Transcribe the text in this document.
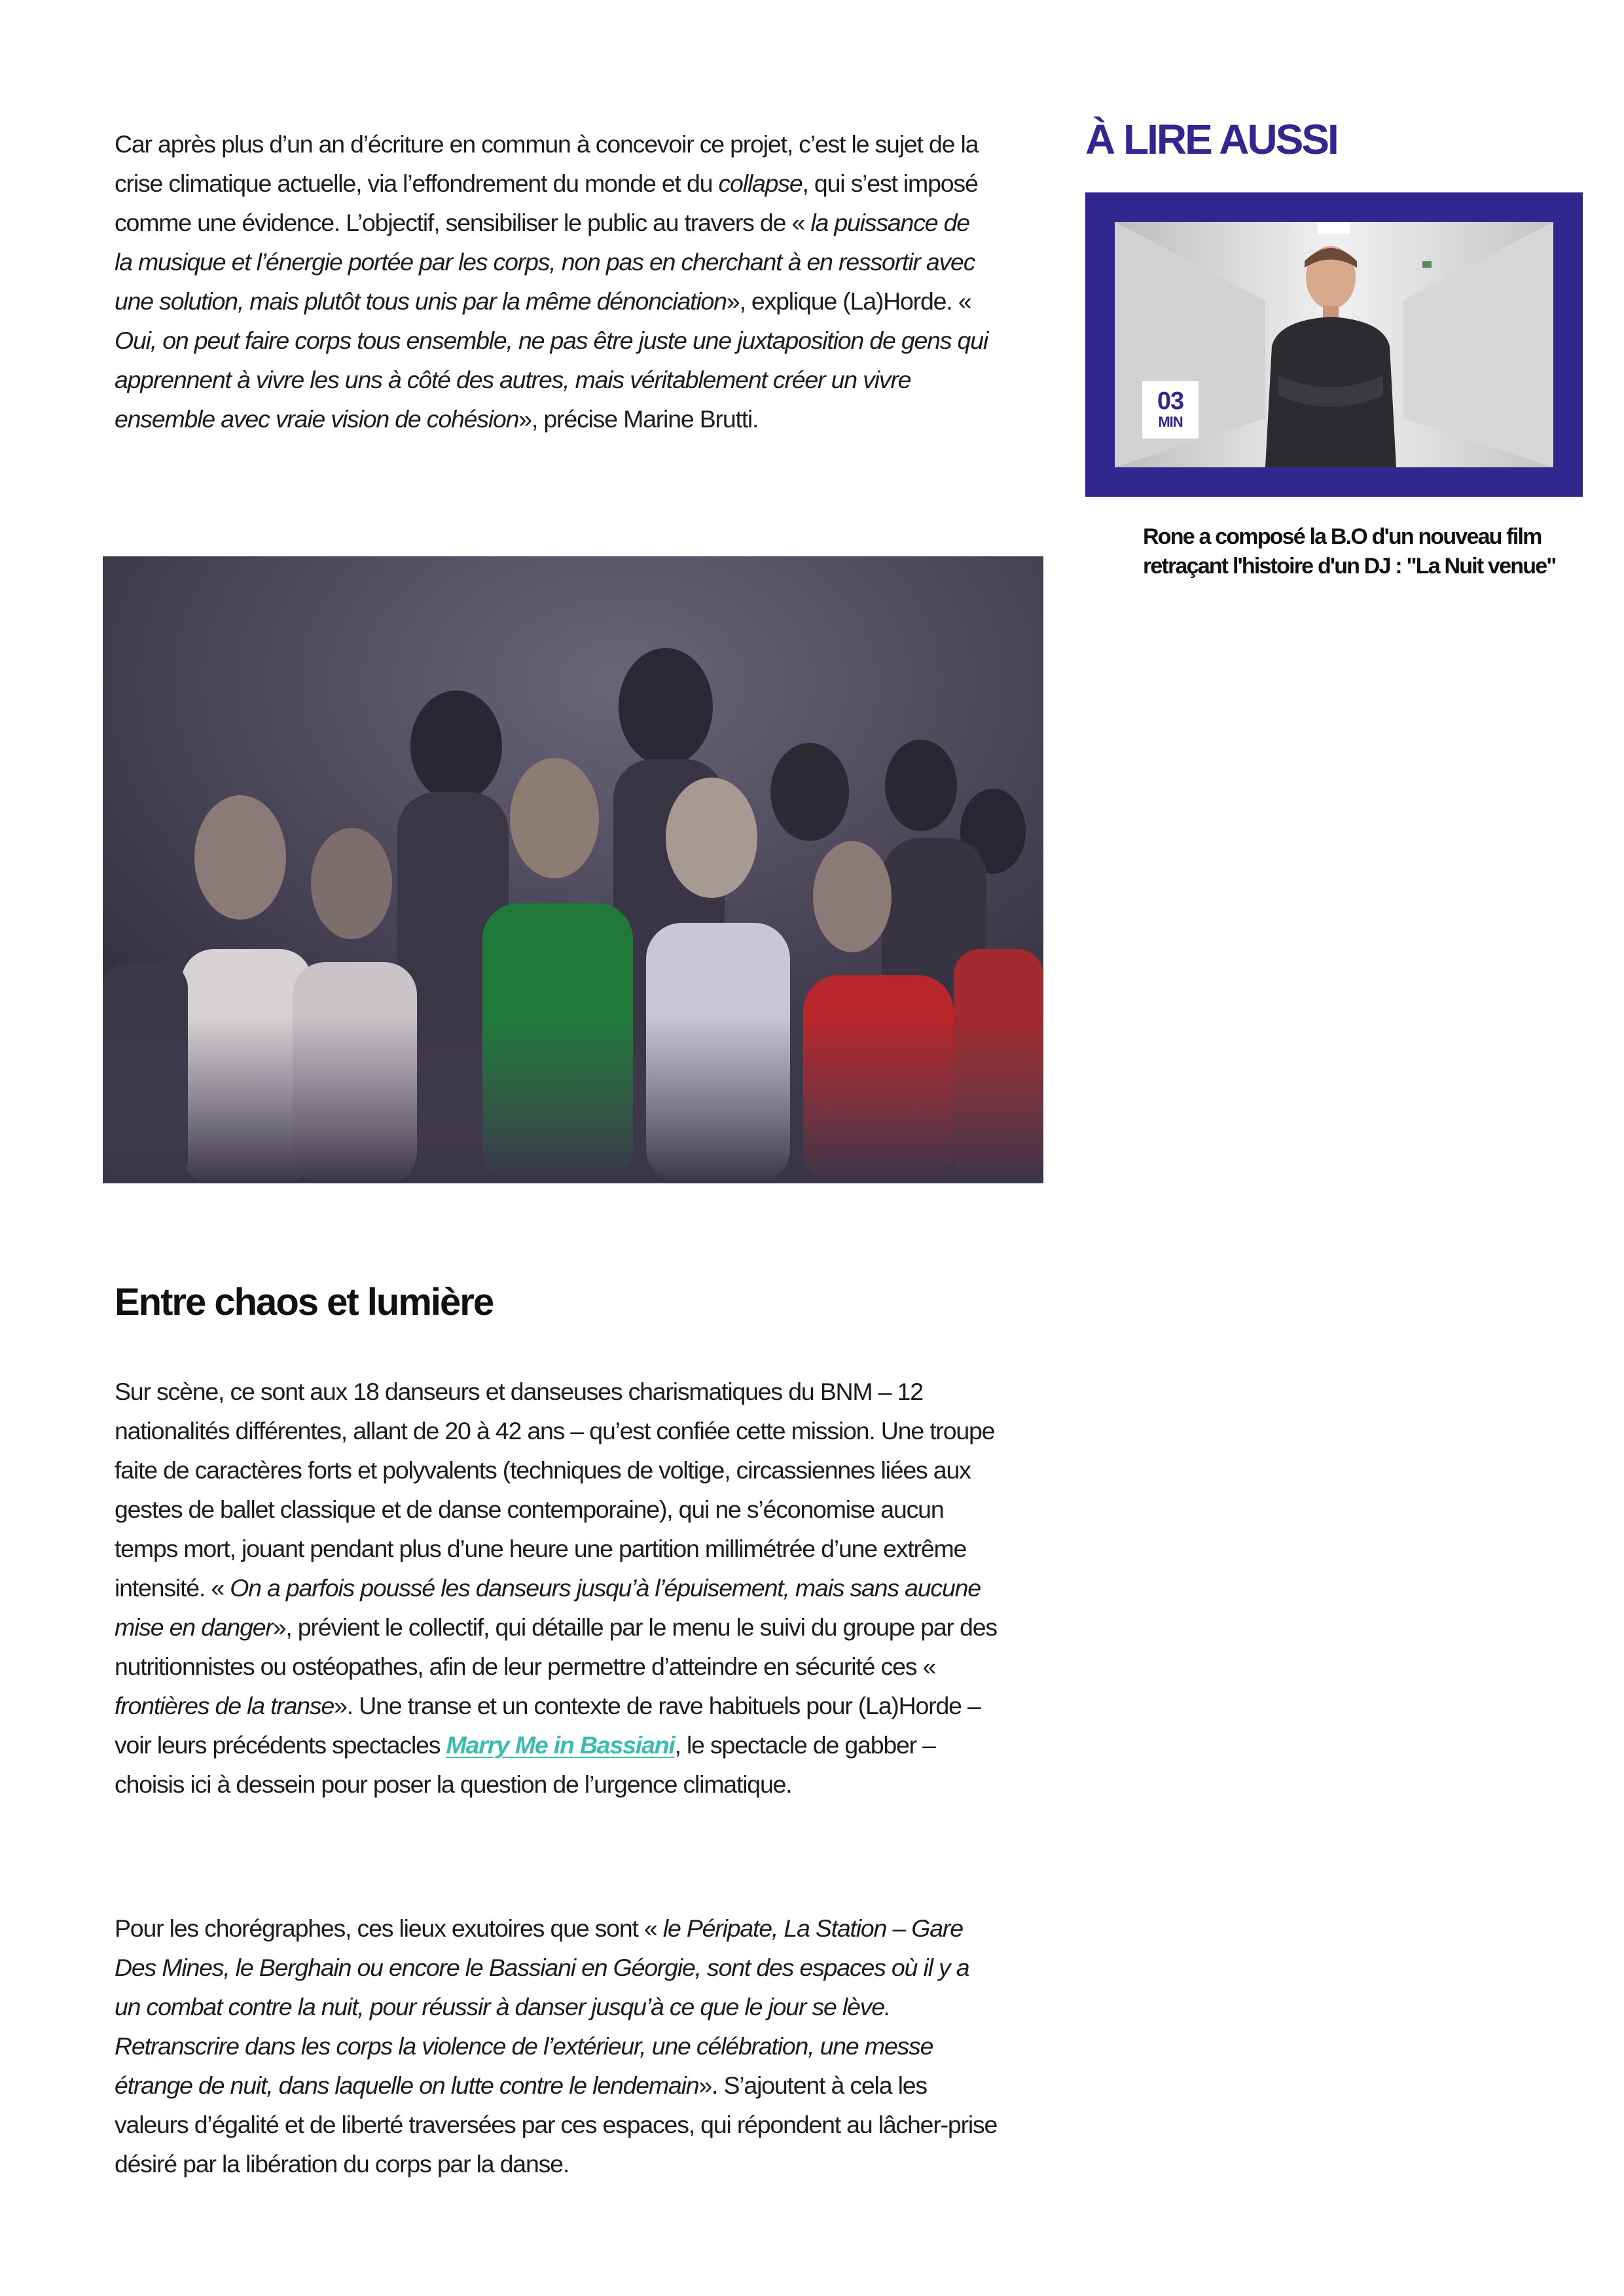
Car après plus d’un an d’écriture en commun à concevoir ce projet, c’est le sujet de la crise climatique actuelle, via l’effondrement du monde et du collapse, qui s’est imposé comme une évidence. L’objectif, sensibiliser le public au travers de « la puissance de la musique et l’énergie portée par les corps, non pas en cherchant à en ressortir avec une solution, mais plutôt tous unis par la même dénonciation», explique (La)Horde. « Oui, on peut faire corps tous ensemble, ne pas être juste une juxtaposition de gens qui apprennent à vivre les uns à côté des autres, mais véritablement créer un vivre ensemble avec vraie vision de cohésion», précise Marine Brutti.

Entre chaos et lumière

Sur scène, ce sont aux 18 danseurs et danseuses charismatiques du BNM – 12 nationalités différentes, allant de 20 à 42 ans – qu’est confiée cette mission. Une troupe faite de caractères forts et polyvalents (techniques de voltige, circassiennes liées aux gestes de ballet classique et de danse contemporaine), qui ne s’économise aucun temps mort, jouant pendant plus d’une heure une partition millimétrée d’une extrême intensité. « On a parfois poussé les danseurs jusqu’à l’épuisement, mais sans aucune mise en danger», prévient le collectif, qui détaille par le menu le suivi du groupe par des nutritionnistes ou ostéopathes, afin de leur permettre d’atteindre en sécurité ces « frontières de la transe». Une transe et un contexte de rave habituels pour (La)Horde – voir leurs précédents spectacles Marry Me in Bassiani, le spectacle de gabber – choisis ici à dessein pour poser la question de l’urgence climatique.

Pour les chorégraphes, ces lieux exutoires que sont « le Péripate, La Station – Gare Des Mines, le Berghain ou encore le Bassiani en Géorgie, sont des espaces où il y a un combat contre la nuit, pour réussir à danser jusqu’à ce que le jour se lève. Retranscrire dans les corps la violence de l’extérieur, une célébration, une messe étrange de nuit, dans laquelle on lutte contre le lendemain». S’ajoutent à cela les valeurs d’égalité et de liberté traversées par ces espaces, qui répondent au lâcher-prise désiré par la libération du corps par la danse.

À LIRE AUSSI
03
MIN

Rone a composé la B.O d'un nouveau film retraçant l'histoire d'un DJ : "La Nuit venue"
